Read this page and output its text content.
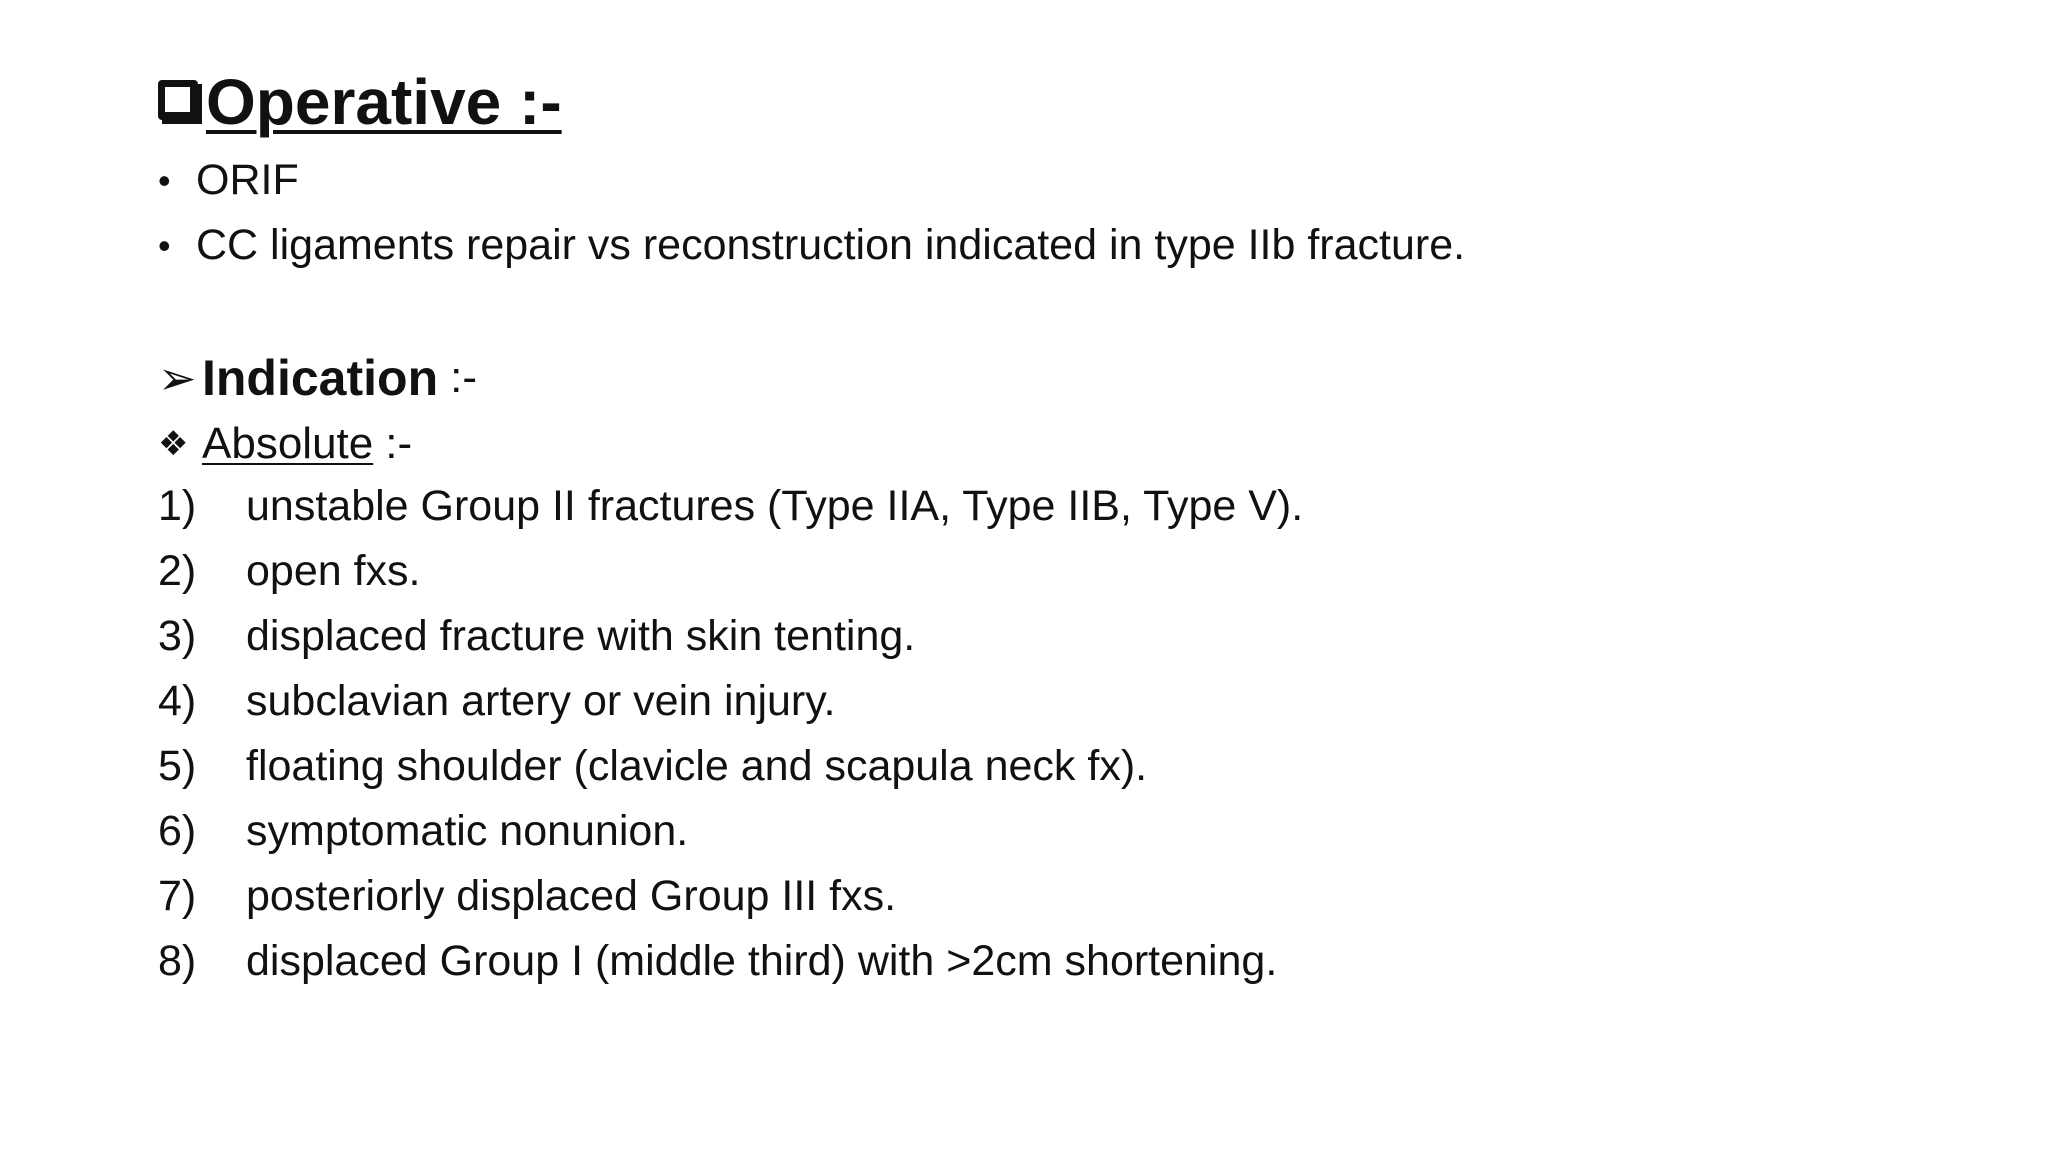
Operative :-
• ORIF
• CC ligaments repair vs reconstruction indicated in type IIb fracture.
➢ Indication :-
❖ Absolute :-
1)	unstable Group II fractures (Type IIA, Type IIB, Type V).
2)	open fxs.
3)	displaced fracture with skin tenting.
4)	subclavian artery or vein injury.
5)	floating shoulder (clavicle and scapula neck fx).
6)	symptomatic nonunion.
7)	posteriorly displaced Group III fxs.
8)	displaced Group I (middle third) with >2cm shortening.
